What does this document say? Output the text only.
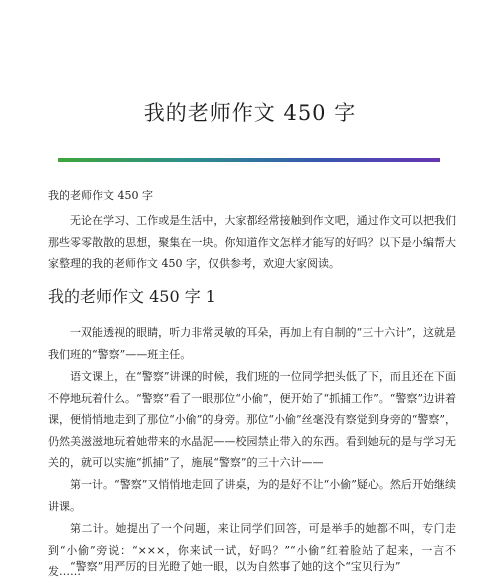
我的老师作文 450 字
我的老师作文 450 字

无论在学习、工作或是生活中，大家都经常接触到作文吧，通过作文可以把我们那些零零散散的思想，聚集在一块。你知道作文怎样才能写的好吗？以下是小编帮大家整理的我的老师作文 450 字，仅供参考，欢迎大家阅读。

我的老师作文 450 字 1

一双能透视的眼睛，听力非常灵敏的耳朵，再加上有自制的“三十六计”，这就是我们班的“警察”——班主任。

语文课上，在“警察”讲课的时候，我们班的一位同学把头低了下，而且还在下面不停地玩着什么。“警察”看了一眼那位“小偷”，便开始了“抓捕工作”。“警察”边讲着课，便悄悄地走到了那位“小偷”的身旁。那位“小偷”丝毫没有察觉到身旁的“警察”，仍然美滋滋地玩着她带来的水晶泥——校园禁止带入的东西。看到她玩的是与学习无关的，就可以实施“抓捕”了，施展“警察”的三十六计——

第一计。“警察”又悄悄地走回了讲桌，为的是好不让“小偷”疑心。然后开始继续讲课。

第二计。她提出了一个问题，来让同学们回答，可是举手的她都不叫，专门走到“小偷”旁说：“×××，你来试一试，好吗？”“小偷”红着脸站了起来，一言不发……

“警察”用严厉的目光瞪了她一眼，以为自然事了她的这个“宝贝行为”
